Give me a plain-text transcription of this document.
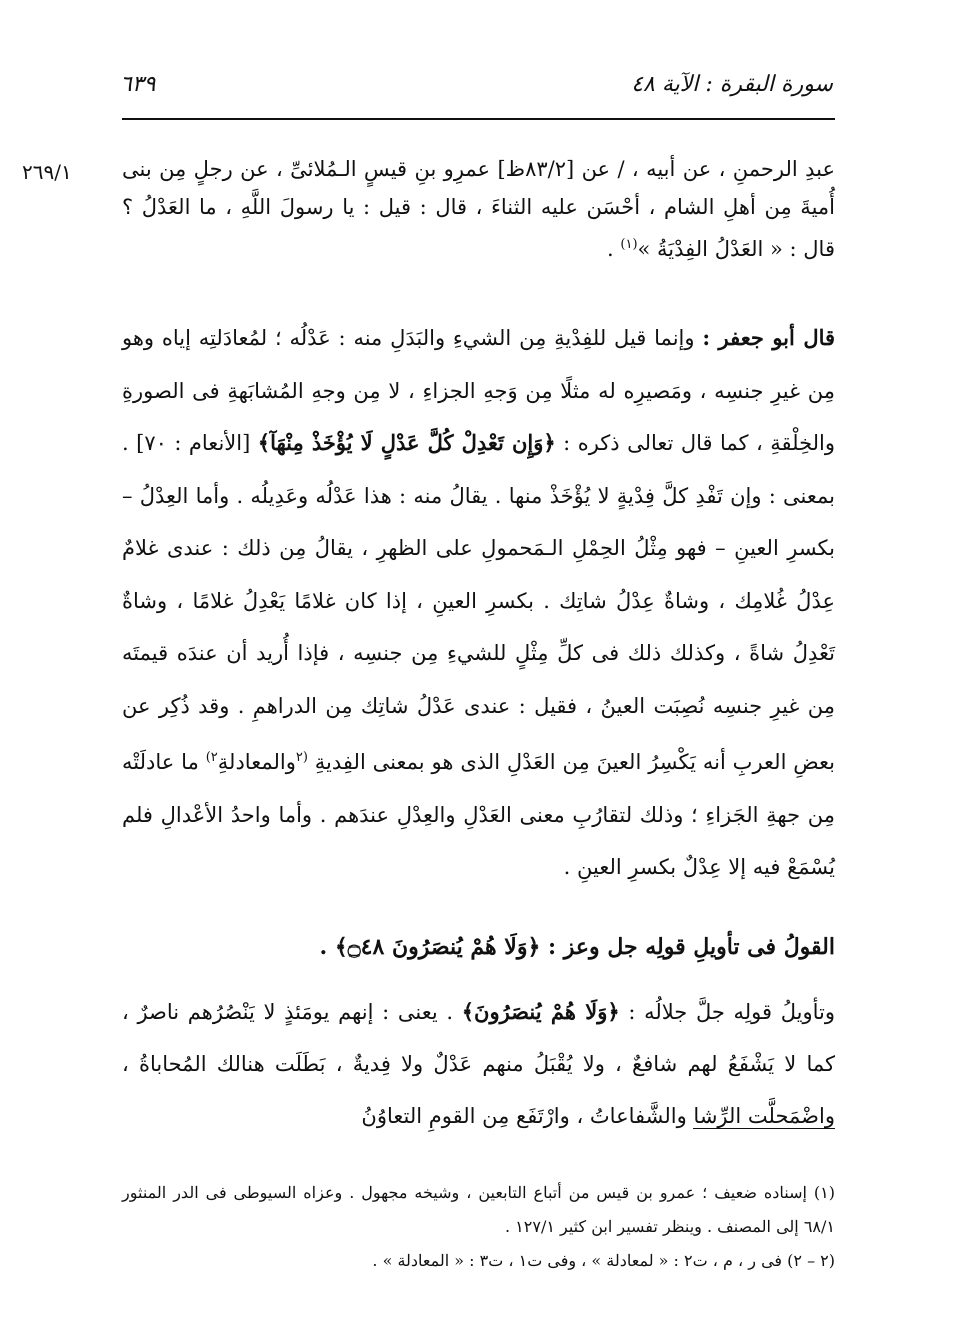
سورة البقرة : الآية ٤٨
٦٣٩
٢٦٩/١	عبدِ الرحمنِ ، عن أبيه ، / عن [٨٣/٢ظ] عمرِو بنِ قيسٍ الـمُلائىِّ ، عن رجلٍ مِن بنى أُميةَ مِن أهلِ الشام ، أحْسَن عليه الثناءَ ، قال : قيل : يا رسولَ اللَّهِ ، ما العَدْلُ ؟ قال : « العَدْلُ الفِدْيَةُ »$^{(١)}$ .
قال أبو جعفر : وإنما قيل للفِدْيةِ مِن الشيءِ والبَدَلِ منه : عَدْلُه ؛ لمُعادَلتِه إياه وهو مِن غيرِ جنسِه ، ومَصيرِه له مثلًا مِن وَجهِ الجزاءِ ، لا مِن وجهِ المُشابَهةِ فى الصورةِ والخِلْقةِ ، كما قال تعالى ذكره : ﴿وَإِن تَعْدِلْ كُلَّ عَدْلٍ لَا يُؤْخَذْ مِنْهَآ﴾ [الأنعام : ٧٠] . بمعنى : وإن تَفْدِ كلَّ فِدْيةٍ لا يُؤْخَذْ منها . يقالُ منه : هذا عَدْلُه وعَدِيلُه . وأما العِدْلُ – بكسرِ العينِ – فهو مِثْلُ الحِمْلِ الـمَحمولِ على الظهرِ ، يقالُ مِن ذلك : عندى غلامٌ عِدْلُ غُلامِك ، وشاةٌ عِدْلُ شاتِك . بكسرِ العينِ ، إذا كان غلامًا يَعْدِلُ غلامًا ، وشاةٌ تَعْدِلُ شاةً ، وكذلك ذلك فى كلِّ مِثْلٍ للشيءِ مِن جنسِه ، فإذا أُريد أن عندَه قيمتَه مِن غيرِ جنسِه نُصِبَت العينُ ، فقيل : عندى عَدْلُ شاتِك مِن الدراهمِ . وقد ذُكِر عن بعضِ العربِ أنه يَكْسِرُ العينَ مِن العَدْلِ الذى هو بمعنى الفِديةِ $^{(٢}$والمعادلةِ$^{٢)}$ ما عادلَتْه مِن جهةِ الجَزاءِ ؛ وذلك لتقارُبِ معنى العَدْلِ والعِدْلِ عندَهم . وأما واحدُ الأعْدالِ فلم يُسْمَعْ فيه إلا عِدْلٌ بكسرِ العينِ .
القولُ فى تأويلِ قولِه جل وعز : ﴿وَلَا هُمْ يُنصَرُونَ ۝٤٨﴾ .
وتأويلُ قولِه جلَّ جلالُه : ﴿وَلَا هُمْ يُنصَرُونَ﴾ . يعنى : إنهم يومَئذٍ لا يَنْصُرُهم ناصرٌ ، كما لا يَشْفَعُ لهم شافعٌ ، ولا يُقْبَلُ منهم عَدْلٌ ولا فِديةٌ ، بَطَلَت هنالك المُحاباةُ ، واضْمَحلَّت الرِّشا والشَّفاعاتُ ، وارْتَفَع مِن القومِ التعاوُنُ

(١) إسناده ضعيف ؛ عمرو بن قيس من أتباع التابعين ، وشيخه مجهول . وعزاه السيوطى فى الدر المنثور ٦٨/١ إلى المصنف . وينظر تفسير ابن كثير ١٢٧/١ .

(٢ – ٢) فى ر ، م ، ت٢ : « لمعادلة » ، وفى ت١ ، ت٣ : « المعادلة » .
